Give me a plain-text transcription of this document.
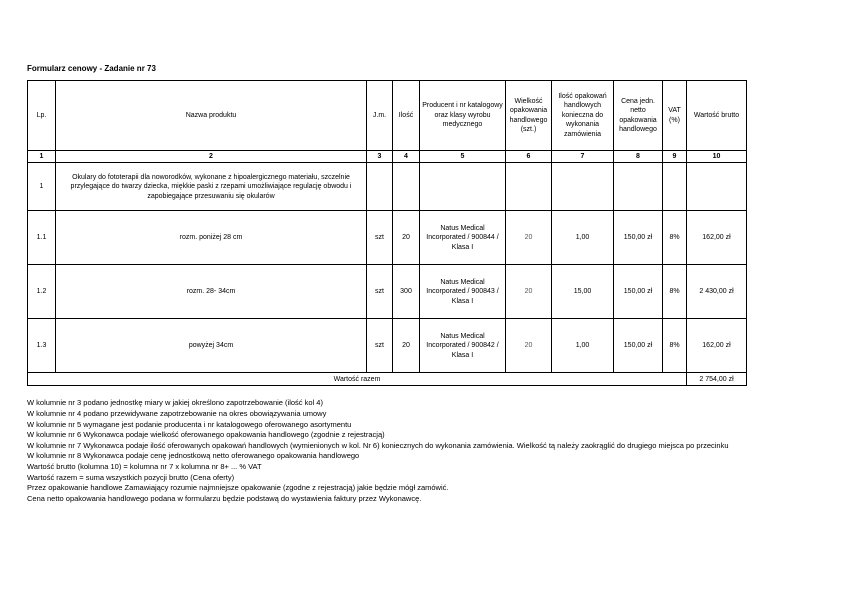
Formularz cenowy - Zadanie nr 73
Lp.	Nazwa produktu	J.m.	Ilość	Producent i nr katalogowy oraz klasy wyrobu medycznego	Wielkość opakowania handlowego (szt.)	Ilość opakowań handlowych konieczna do wykonania zamówienia	Cena jedn. netto opakowania handlowego	VAT (%)	Wartość brutto
1	2	3	4	5	6	7	8	9	10
1	Okulary do fototerapii dla noworodków, wykonane z hipoalergicznego materiału, szczelnie przylegające do twarzy dziecka, miękkie paski z rzepami umożliwiające regulację obwodu i zapobiegające przesuwaniu się okularów								
1.1	rozm. poniżej 28 cm	szt	20	Natus Medical Incorporated / 900844 / Klasa I	20	1,00	150,00 zł	8%	162,00 zł
1.2	rozm. 28- 34cm	szt	300	Natus Medical Incorporated / 900843 / Klasa I	20	15,00	150,00 zł	8%	2 430,00 zł
1.3	powyżej 34cm	szt	20	Natus Medical Incorporated / 900842 / Klasa I	20	1,00	150,00 zł	8%	162,00 zł
Wartość razem									2 754,00 zł
W kolumnie nr 3 podano jednostkę miary w jakiej określono zapotrzebowanie (ilość kol 4)
W kolumnie nr 4 podano przewidywane zapotrzebowanie na okres obowiązywania umowy
W kolumnie nr 5 wymagane jest podanie producenta i nr katalogowego oferowanego asortymentu
W kolumnie nr 6 Wykonawca podaje wielkość oferowanego opakowania handlowego (zgodnie z rejestracją)
W kolumnie nr 7 Wykonawca podaje ilość oferowanych opakowań handlowych (wymienionych w kol. Nr 6) koniecznych do wykonania zamówienia. Wielkość tą należy zaokrąglić do drugiego miejsca po przecinku
W kolumnie nr 8 Wykonawca podaje cenę jednostkową netto oferowanego opakowania handlowego
Wartość brutto (kolumna 10) = kolumna nr 7 x kolumna nr 8+ ... % VAT
Wartość razem = suma wszystkich pozycji brutto (Cena oferty)
Przez opakowanie handlowe Zamawiający rozumie najmniejsze opakowanie (zgodne z rejestracją) jakie będzie mógł zamówić.
Cena netto opakowania handlowego podana w formularzu będzie podstawą do wystawienia faktury przez Wykonawcę.
